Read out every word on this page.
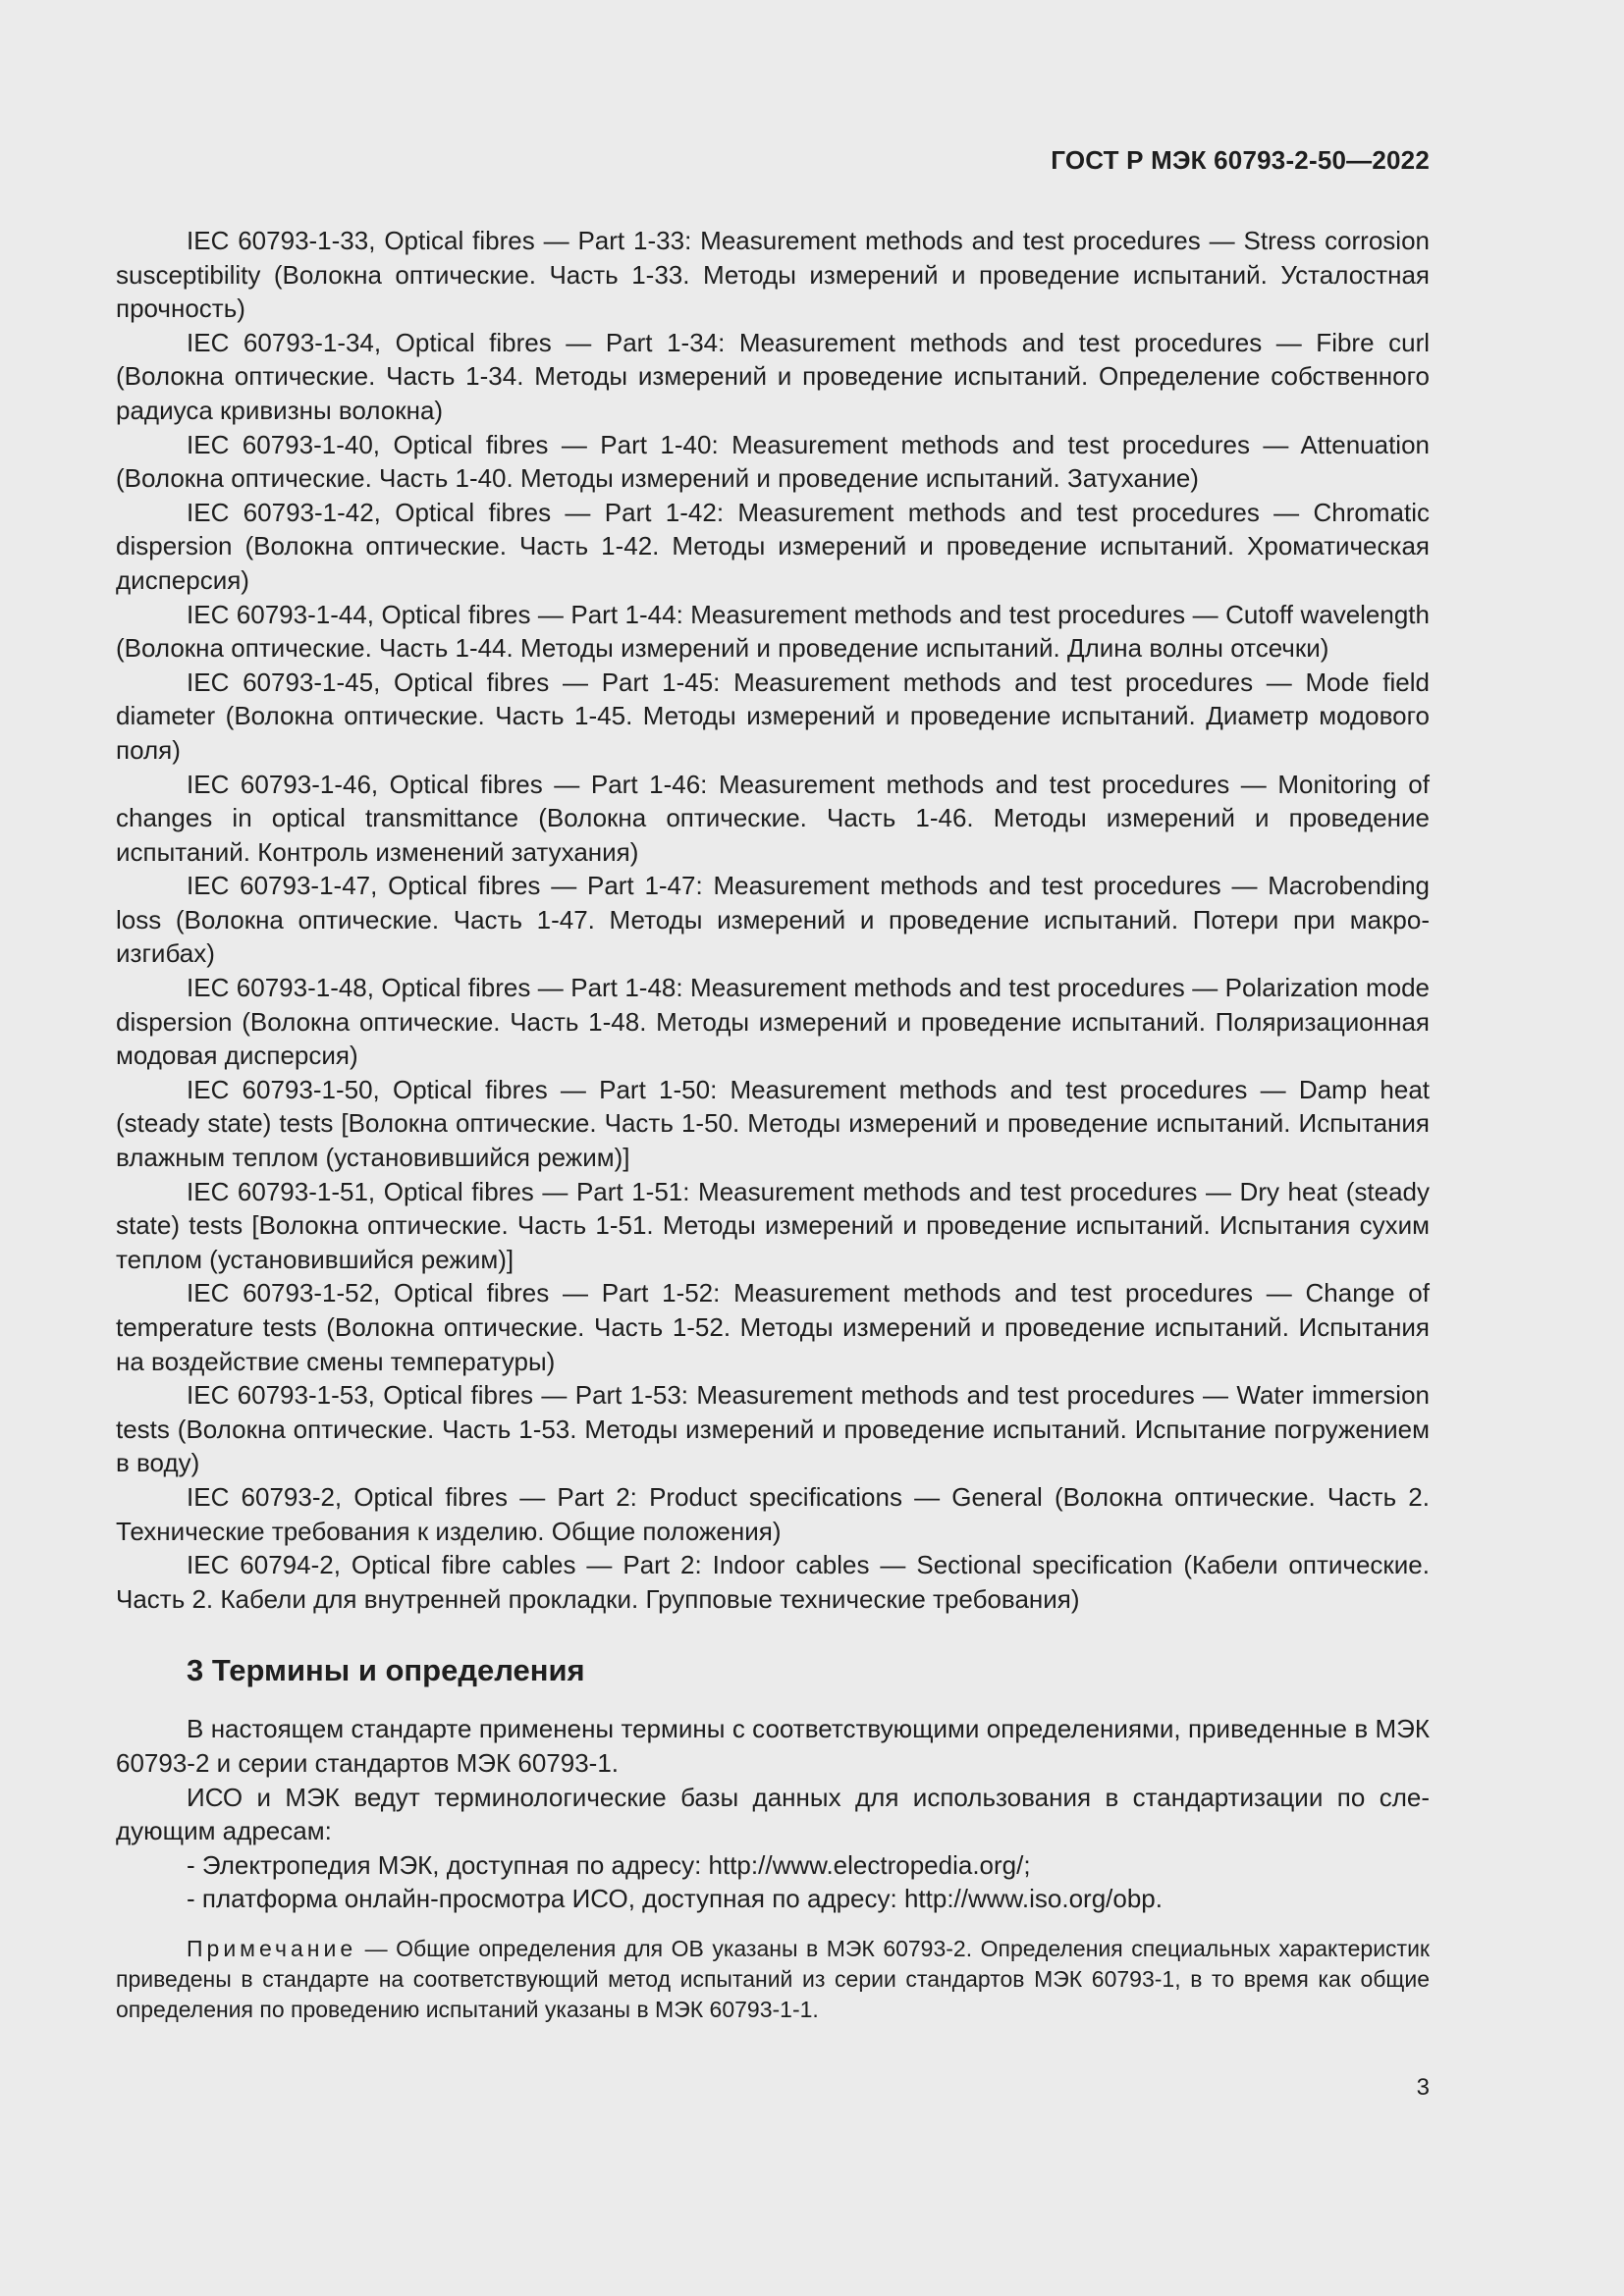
ГОСТ Р МЭК 60793-2-50—2022

IEC 60793-1-33, Optical fibres — Part 1-33: Measurement methods and test procedures — Stress corrosion susceptibility (Волокна оптические. Часть 1-33. Методы измерений и проведение испытаний. Усталостная прочность)

IEC 60793-1-34, Optical fibres — Part 1-34: Measurement methods and test procedures — Fibre curl (Волокна оптические. Часть 1-34. Методы измерений и проведение испытаний. Определение собственного радиуса кривизны волокна)

IEC 60793-1-40, Optical fibres — Part 1-40: Measurement methods and test procedures — Attenuation (Волокна оптические. Часть 1-40. Методы измерений и проведение испытаний. Затухание)

IEC 60793-1-42, Optical fibres — Part 1-42: Measurement methods and test procedures — Chromatic dispersion (Волокна оптические. Часть 1-42. Методы измерений и проведение испытаний. Хроматическая дисперсия)

IEC 60793-1-44, Optical fibres — Part 1-44: Measurement methods and test procedures — Cutoff wavelength (Волокна оптические. Часть 1-44. Методы измерений и проведение испытаний. Длина волны отсечки)

IEC 60793-1-45, Optical fibres — Part 1-45: Measurement methods and test procedures — Mode field diameter (Волокна оптические. Часть 1-45. Методы измерений и проведение испытаний. Диаметр модового поля)

IEC 60793-1-46, Optical fibres — Part 1-46: Measurement methods and test procedures — Monitoring of changes in optical transmittance (Волокна оптические. Часть 1-46. Методы измерений и проведение испытаний. Контроль изменений затухания)

IEC 60793-1-47, Optical fibres — Part 1-47: Measurement methods and test procedures — Macrobending loss (Волокна оптические. Часть 1-47. Методы измерений и проведение испытаний. Потери при макроизгибах)

IEC 60793-1-48, Optical fibres — Part 1-48: Measurement methods and test procedures — Polarization mode dispersion (Волокна оптические. Часть 1-48. Методы измерений и проведение испытаний. Поляризационная модовая дисперсия)

IEC 60793-1-50, Optical fibres — Part 1-50: Measurement methods and test procedures — Damp heat (steady state) tests [Волокна оптические. Часть 1-50. Методы измерений и проведение испытаний. Испытания влажным теплом (установившийся режим)]

IEC 60793-1-51, Optical fibres — Part 1-51: Measurement methods and test procedures — Dry heat (steady state) tests [Волокна оптические. Часть 1-51. Методы измерений и проведение испытаний. Испытания сухим теплом (установившийся режим)]

IEC 60793-1-52, Optical fibres — Part 1-52: Measurement methods and test procedures — Change of temperature tests (Волокна оптические. Часть 1-52. Методы измерений и проведение испытаний. Испытания на воздействие смены температуры)

IEC 60793-1-53, Optical fibres — Part 1-53: Measurement methods and test procedures — Water immersion tests (Волокна оптические. Часть 1-53. Методы измерений и проведение испытаний. Испытание погружением в воду)

IEC 60793-2, Optical fibres — Part 2: Product specifications — General (Волокна оптические. Часть 2. Технические требования к изделию. Общие положения)

IEC 60794-2, Optical fibre cables — Part 2: Indoor cables — Sectional specification (Кабели оптические. Часть 2. Кабели для внутренней прокладки. Групповые технические требования)

3 Термины и определения

В настоящем стандарте применены термины с соответствующими определениями, приведенные в МЭК 60793-2 и серии стандартов МЭК 60793-1.

ИСО и МЭК ведут терминологические базы данных для использования в стандартизации по следующим адресам:

- Электропедия МЭК, доступная по адресу: http://www.electropedia.org/;

- платформа онлайн-просмотра ИСО, доступная по адресу: http://www.iso.org/obp.

Примечание — Общие определения для ОВ указаны в МЭК 60793-2. Определения специальных характеристик приведены в стандарте на соответствующий метод испытаний из серии стандартов МЭК 60793-1, в то время как общие определения по проведению испытаний указаны в МЭК 60793-1-1.

3
